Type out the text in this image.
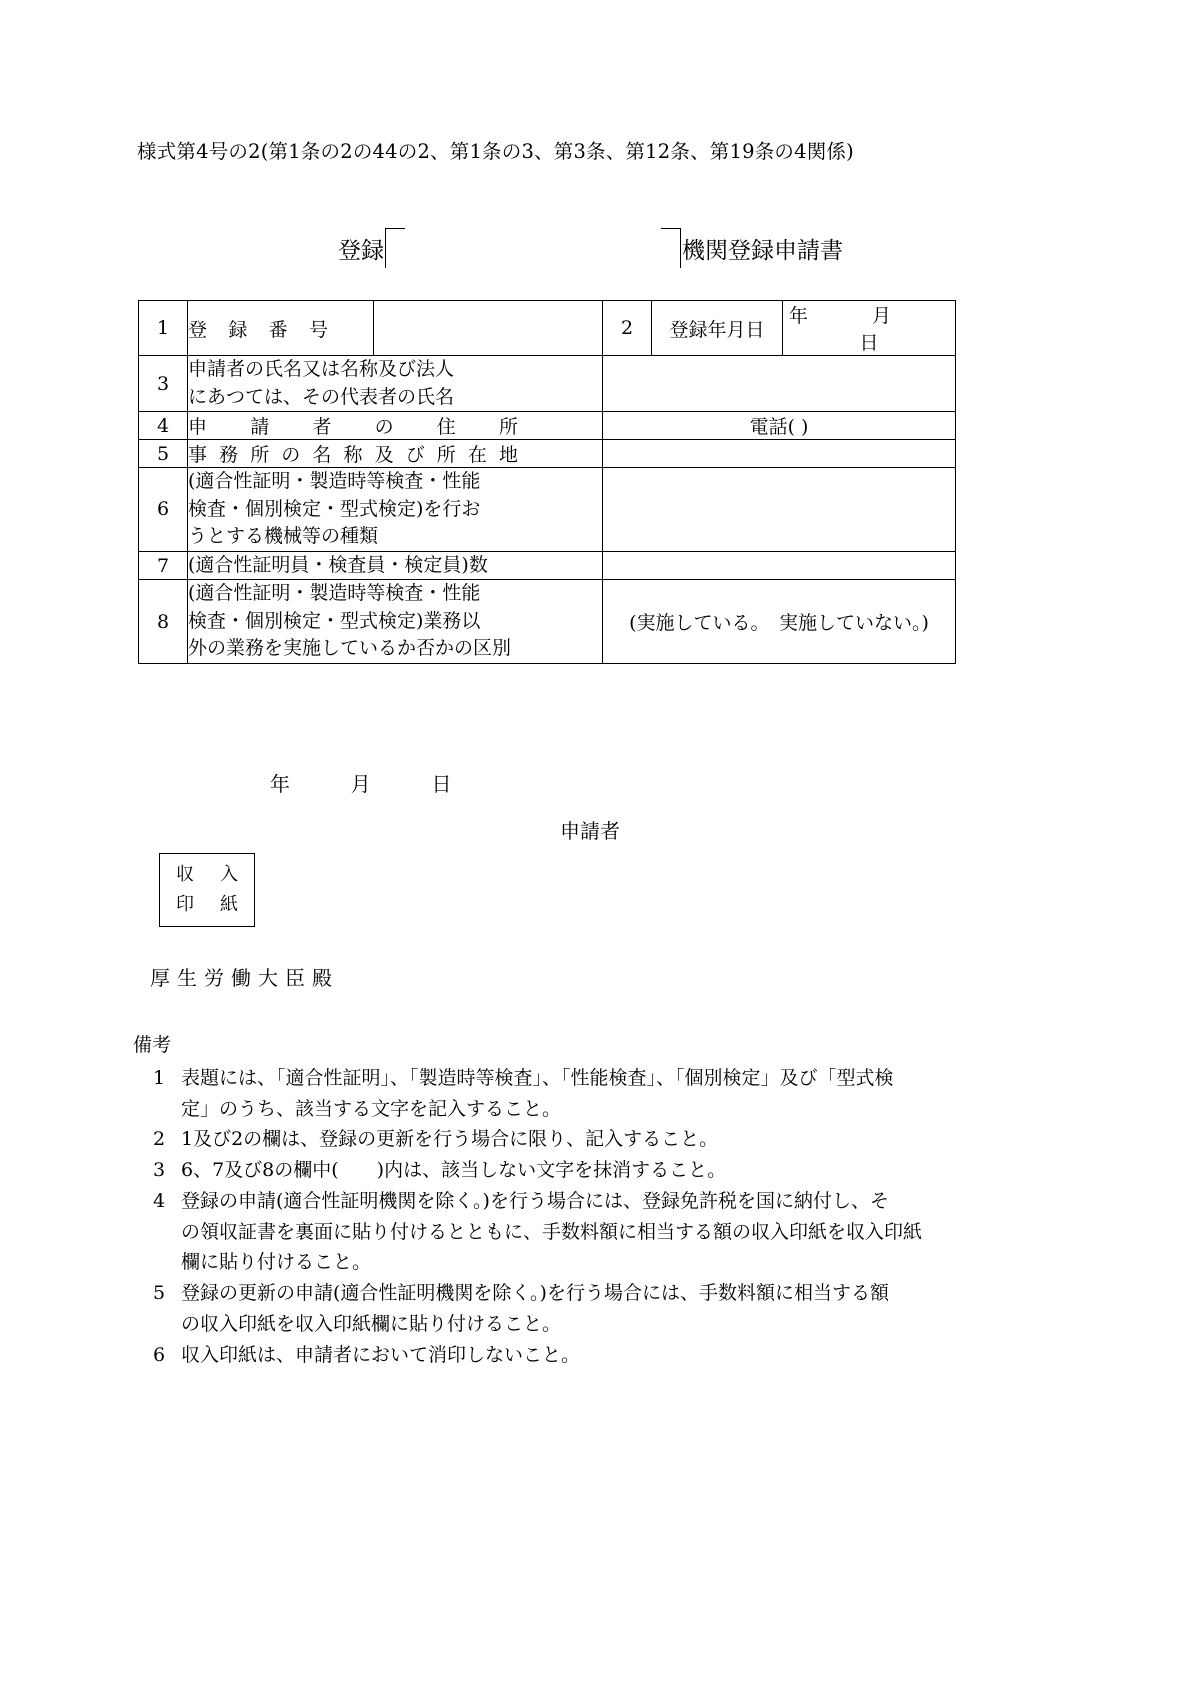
様式第4号の2(第1条の2の44の2、第1条の3、第3条、第12条、第19条の4関係)
登録	機関登録申請書
1	登録番号		2	登録年月日	年 月  日

3	申請者の氏名又は名称及び法人
にあつては、その代表者の氏名				

4	申請者の住所		電話( )		

5	事務所の名称及び所在地				

6	(適合性証明・製造時等検査・性能
検査・個別検定・型式検定)を行お
うとする機械等の種類				

7	(適合性証明員・検査員・検定員)数				

8	(適合性証明・製造時等検査・性能
検査・個別検定・型式検定)業務以
外の業務を実施しているか否かの区別		(実施している。　実施していない。)		
年	月	日
申請者
収入
印紙
厚生労働大臣殿
備考
1 表題には、「適合性証明」、「製造時等検査」、「性能検査」、「個別検定」及び「型式検

定」のうち、該当する文字を記入すること。

2 1及び2の欄は、登録の更新を行う場合に限り、記入すること。

3 6、7及び8の欄中(　　)内は、該当しない文字を抹消すること。

4 登録の申請(適合性証明機関を除く。)を行う場合には、登録免許税を国に納付し、そ

の領収証書を裏面に貼り付けるとともに、手数料額に相当する額の収入印紙を収入印紙

欄に貼り付けること。

5 登録の更新の申請(適合性証明機関を除く。)を行う場合には、手数料額に相当する額

の収入印紙を収入印紙欄に貼り付けること。

6 収入印紙は、申請者において消印しないこと。
